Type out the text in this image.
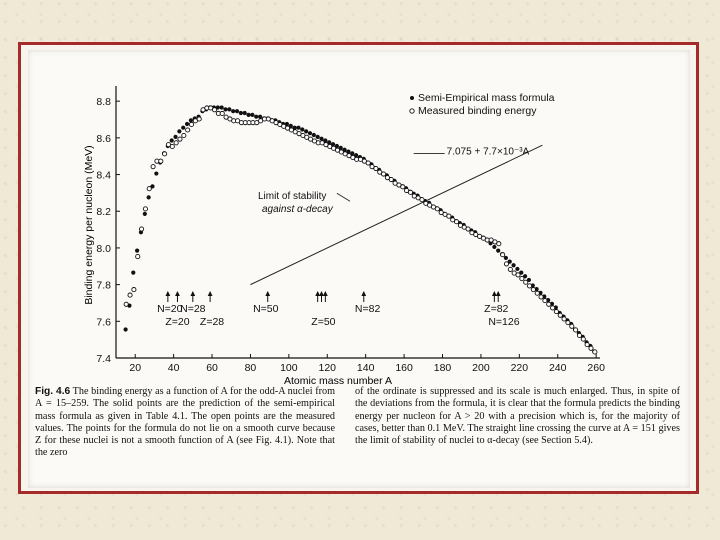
20	40	60	80 100 120 140 160 180 200 220 240 260
7.4
7.6
7.8
8.0
8.2
8.4
8.6
8.8
7.075 + 7.7×10⁻³A
Limit of stability
against α-decay
N=20
N=28
Z=20 Z=28
N=50
Z=50
N=82	Z=82
N=126
Semi-Empirical mass formula
Measured binding energy
Atomic mass number A
Binding energy per nucleon (MeV)
Fig. 4.6 The binding energy as a function of A for the odd-A nuclei from A = 15–259. The solid points are the prediction of the semi-empirical mass formula as given in Table 4.1. The open points are the measured values. The points for the formula do not lie on a smooth curve because Z for these nuclei is not a smooth function of A (see Fig. 4.1). Note that the zero
of the ordinate is suppressed and its scale is much enlarged. Thus, in spite of the deviations from the formula, it is clear that the formula predicts the binding energy per nucleon for A > 20 with a precision which is, for the majority of cases, better than 0.1 MeV. The straight line crossing the curve at A = 151 gives the limit of stability of nuclei to α-decay (see Section 5.4).
